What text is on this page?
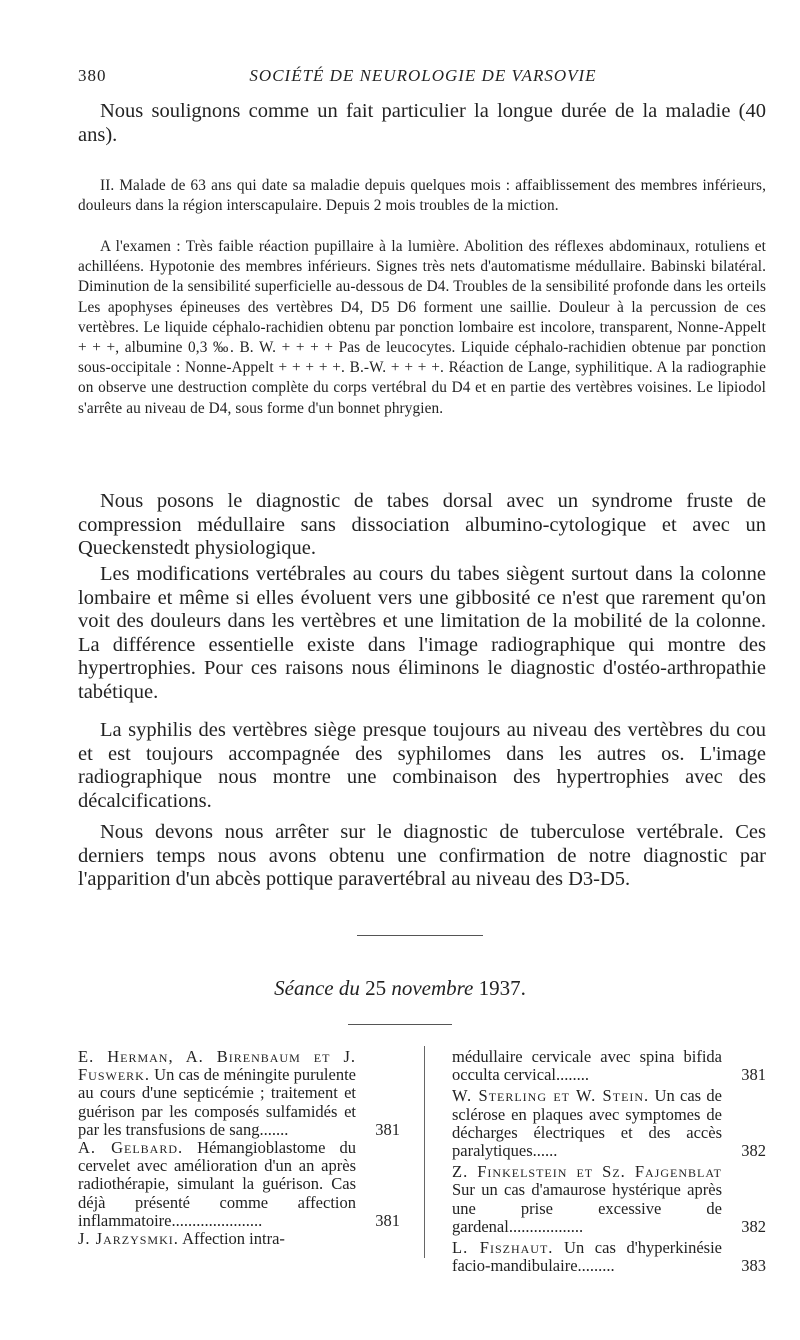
380	SOCIÉTÉ DE NEUROLOGIE DE VARSOVIE

Nous soulignons comme un fait particulier la longue durée de la maladie (40 ans).

II. Malade de 63 ans qui date sa maladie depuis quelques mois : affaiblissement des membres inférieurs, douleurs dans la région interscapulaire. Depuis 2 mois troubles de la miction.

A l'examen : Très faible réaction pupillaire à la lumière. Abolition des réflexes abdominaux, rotuliens et achilléens. Hypotonie des membres inférieurs. Signes très nets d'automatisme médullaire. Babinski bilatéral. Diminution de la sensibilité superficielle au-dessous de D4. Troubles de la sensibilité profonde dans les orteils Les apophyses épineuses des vertèbres D4, D5 D6 forment une saillie. Douleur à la percussion de ces vertèbres. Le liquide céphalo-rachidien obtenu par ponction lombaire est incolore, transparent, Nonne-Appelt + + +, albumine 0,3 ‰. B. W. + + + + Pas de leucocytes. Liquide céphalo-rachidien obtenue par ponction sous-occipitale : Nonne-Appelt + + + + +. B.-W. + + + +. Réaction de Lange, syphilitique. A la radiographie on observe une destruction complète du corps vertébral du D4 et en partie des vertèbres voisines. Le lipiodol s'arrête au niveau de D4, sous forme d'un bonnet phrygien.

Nous posons le diagnostic de tabes dorsal avec un syndrome fruste de compression médullaire sans dissociation albumino-cytologique et avec un Queckenstedt physiologique.

Les modifications vertébrales au cours du tabes siègent surtout dans la colonne lombaire et même si elles évoluent vers une gibbosité ce n'est que rarement qu'on voit des douleurs dans les vertèbres et une limitation de la mobilité de la colonne. La différence essentielle existe dans l'image radiographique qui montre des hypertrophies. Pour ces raisons nous éliminons le diagnostic d'ostéo-arthropathie tabétique.

La syphilis des vertèbres siège presque toujours au niveau des vertèbres du cou et est toujours accompagnée des syphilomes dans les autres os. L'image radiographique nous montre une combinaison des hypertrophies avec des décalcifications.

Nous devons nous arrêter sur le diagnostic de tuberculose vertébrale. Ces derniers temps nous avons obtenu une confirmation de notre diagnostic par l'apparition d'un abcès pottique paravertébral au niveau des D3-D5.

Séance du 25 novembre 1937.
E. Herman, A. Birenbaum et J. Fuswerk. Un cas de méningite purulente au cours d'une septicémie ; traitement et guérison par les composés sulfamidés et par les transfusions de sang.......	381
A. Gelbard. Hémangioblastome du cervelet avec amélioration d'un an après radiothérapie, simulant la guérison. Cas déjà présenté comme affection inflammatoire......................	381
J. Jarzysmki. Affection intra-
médullaire cervicale avec spina bifida occulta cervical........	381
W. Sterling et W. Stein. Un cas de sclérose en plaques avec symptomes de décharges électriques et des accès paralytiques......	382
Z. Finkelstein et Sz. Fajgenblat Sur un cas d'amaurose hystérique après une prise excessive de gardenal..................	382
L. Fiszhaut. Un cas d'hyperkinésie facio-mandibulaire.........	383
